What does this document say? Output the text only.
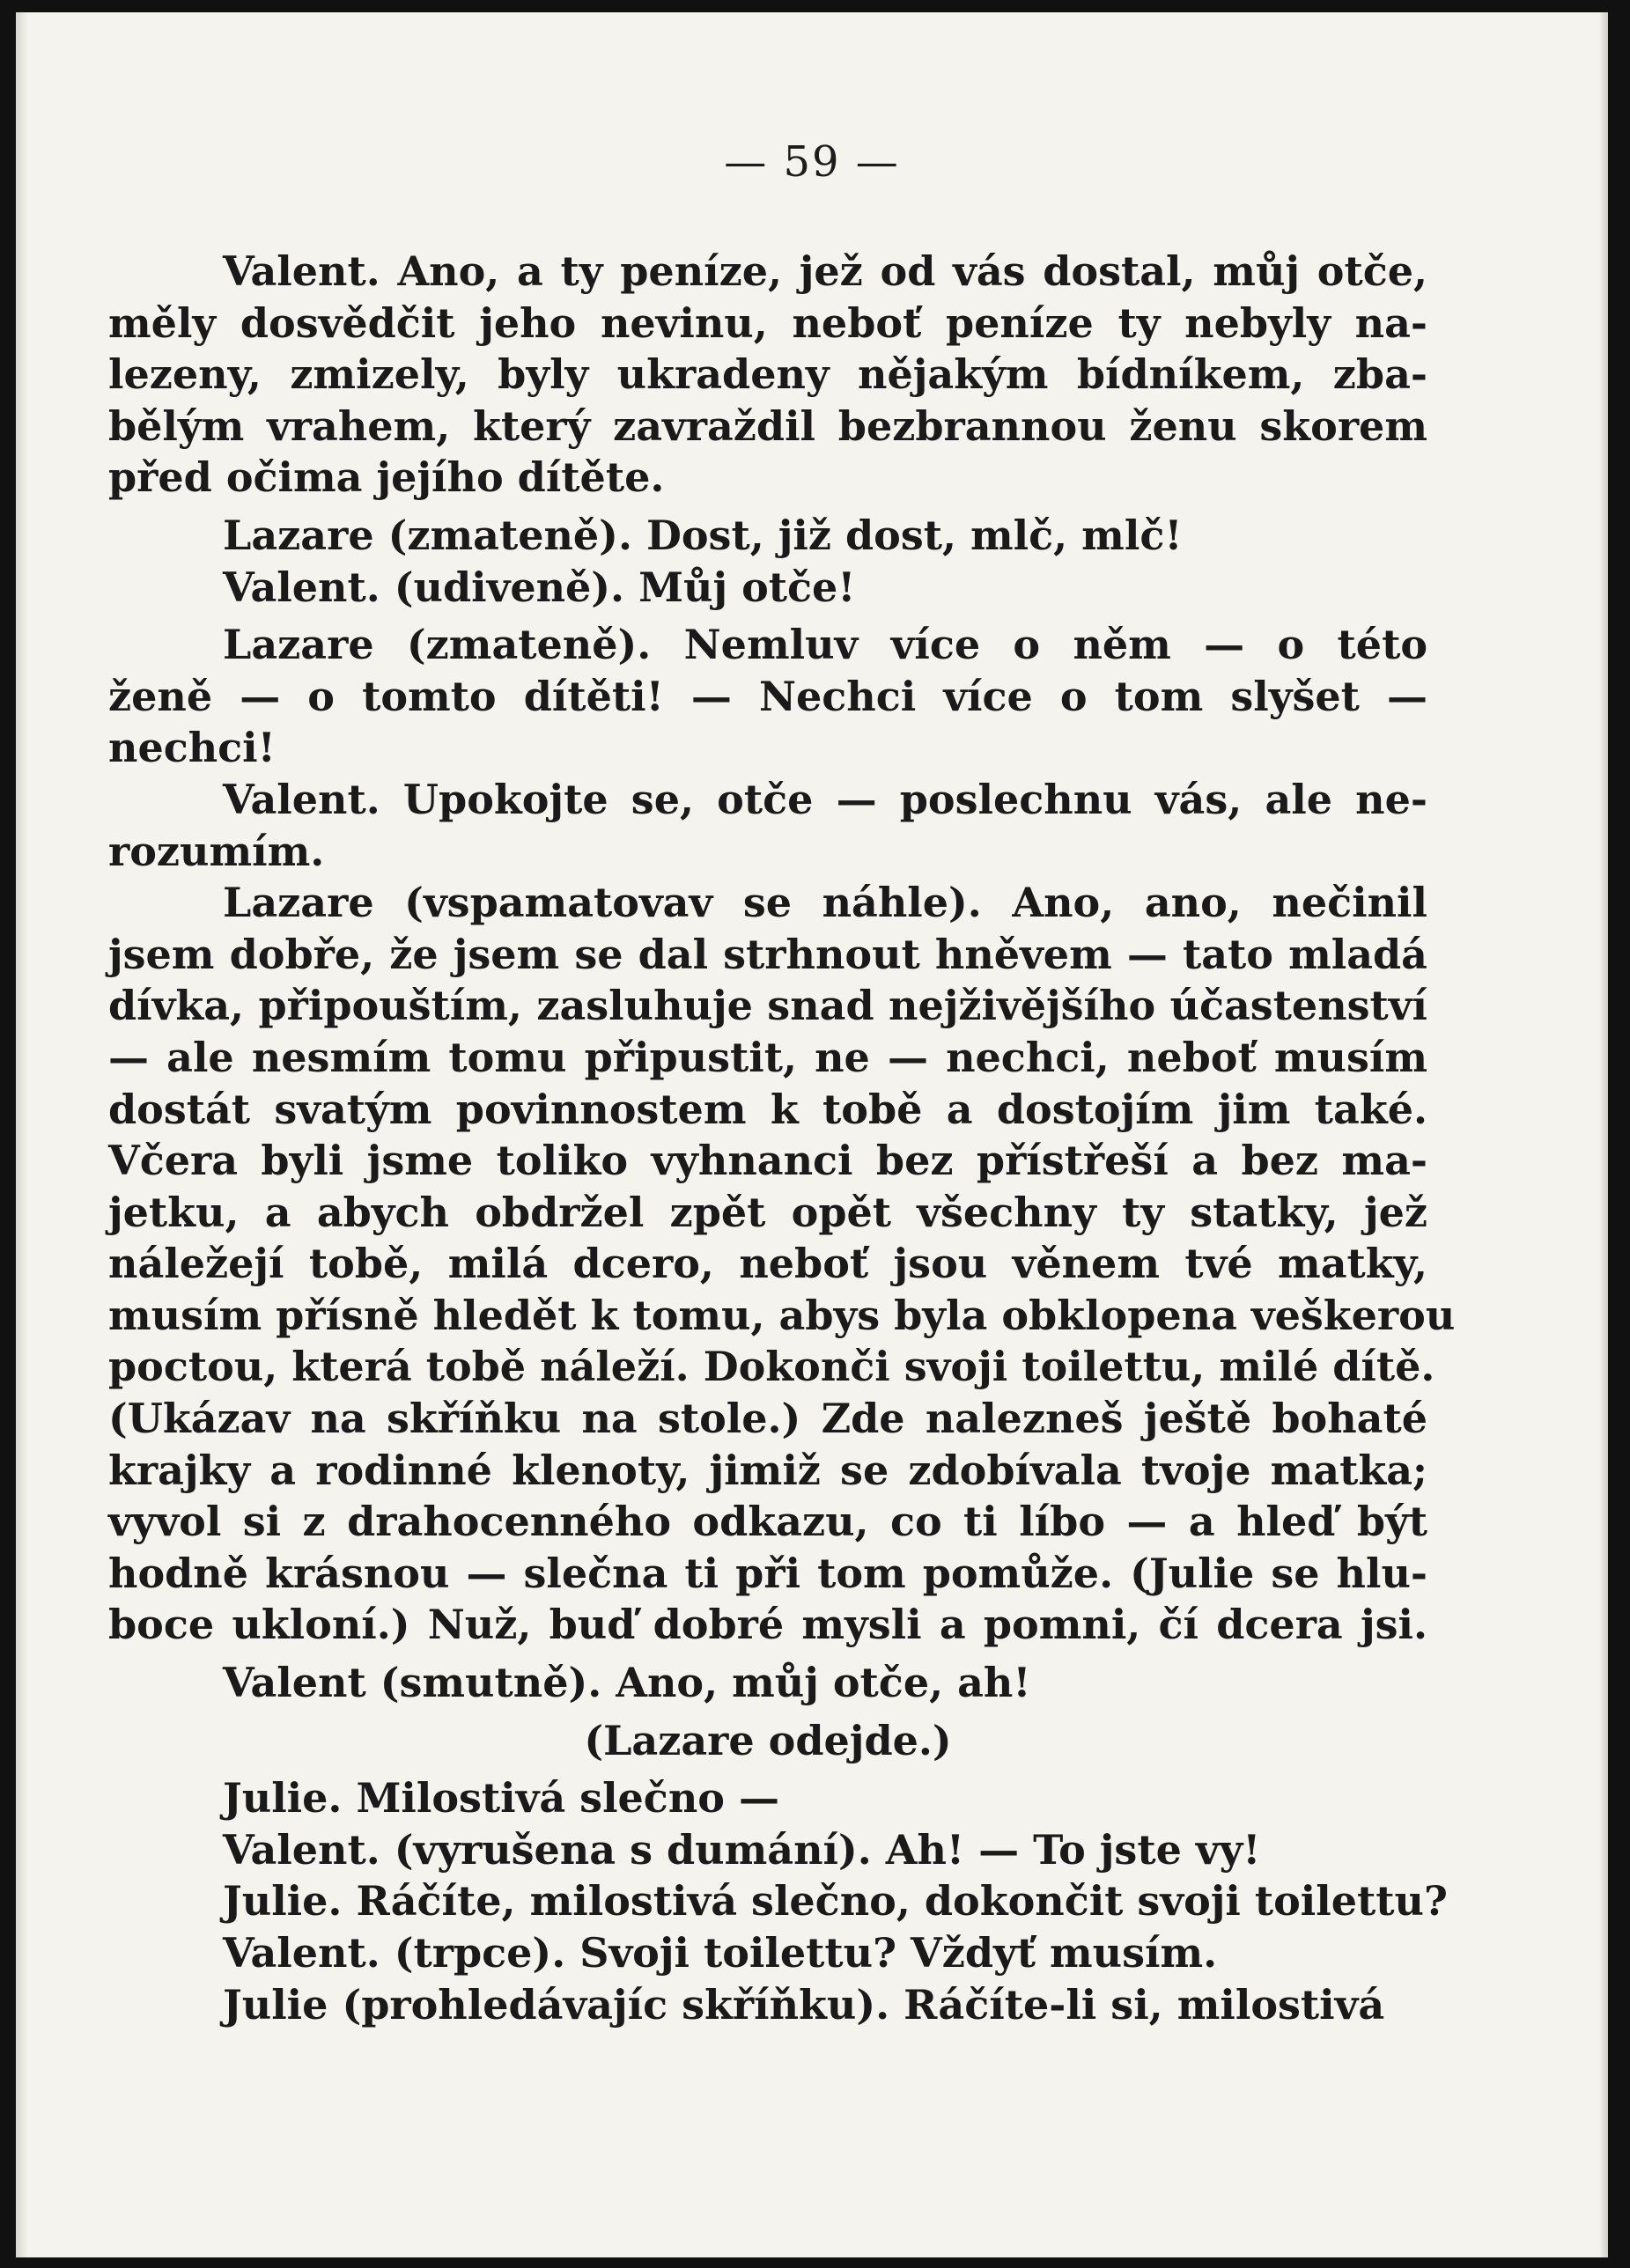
— 59 —
Valent. Ano, a ty peníze, jež od vás dostal, můj otče,
měly dosvědčit jeho nevinu, neboť peníze ty nebyly na-
lezeny, zmizely, byly ukradeny nějakým bídníkem, zba-
bělým vrahem, který zavraždil bezbrannou ženu skorem
před očima jejího dítěte.
Lazare (zmateně). Dost, již dost, mlč, mlč!
Valent. (udiveně). Můj otče!
Lazare (zmateně). Nemluv více o něm — o této
ženě — o tomto dítěti! — Nechci více o tom slyšet —
nechci!
Valent. Upokojte se, otče — poslechnu vás, ale ne-
rozumím.
Lazare (vspamatovav se náhle). Ano, ano, nečinil
jsem dobře, že jsem se dal strhnout hněvem — tato mladá
dívka, připouštím, zasluhuje snad nejživějšího účastenství
— ale nesmím tomu připustit, ne — nechci, neboť musím
dostát svatým povinnostem k tobě a dostojím jim také.
Včera byli jsme toliko vyhnanci bez přístřeší a bez ma-
jetku, a abych obdržel zpět opět všechny ty statky, jež
náležejí tobě, milá dcero, neboť jsou věnem tvé matky,
musím přísně hledět k tomu, abys byla obklopena veškerou
poctou, která tobě náleží. Dokonči svoji toilettu, milé dítě.
(Ukázav na skříňku na stole.) Zde nalezneš ještě bohaté
krajky a rodinné klenoty, jimiž se zdobívala tvoje matka;
vyvol si z drahocenného odkazu, co ti líbo — a hleď být
hodně krásnou — slečna ti při tom pomůže. (Julie se hlu-
boce ukloní.) Nuž, buď dobré mysli a pomni, čí dcera jsi.
Valent (smutně). Ano, můj otče, ah!
(Lazare odejde.)
Julie. Milostivá slečno —
Valent. (vyrušena s dumání). Ah! — To jste vy!
Julie. Ráčíte, milostivá slečno, dokončit svoji toilettu?
Valent. (trpce). Svoji toilettu? Vždyť musím.
Julie (prohledávajíc skříňku). Ráčíte-li si, milostivá
